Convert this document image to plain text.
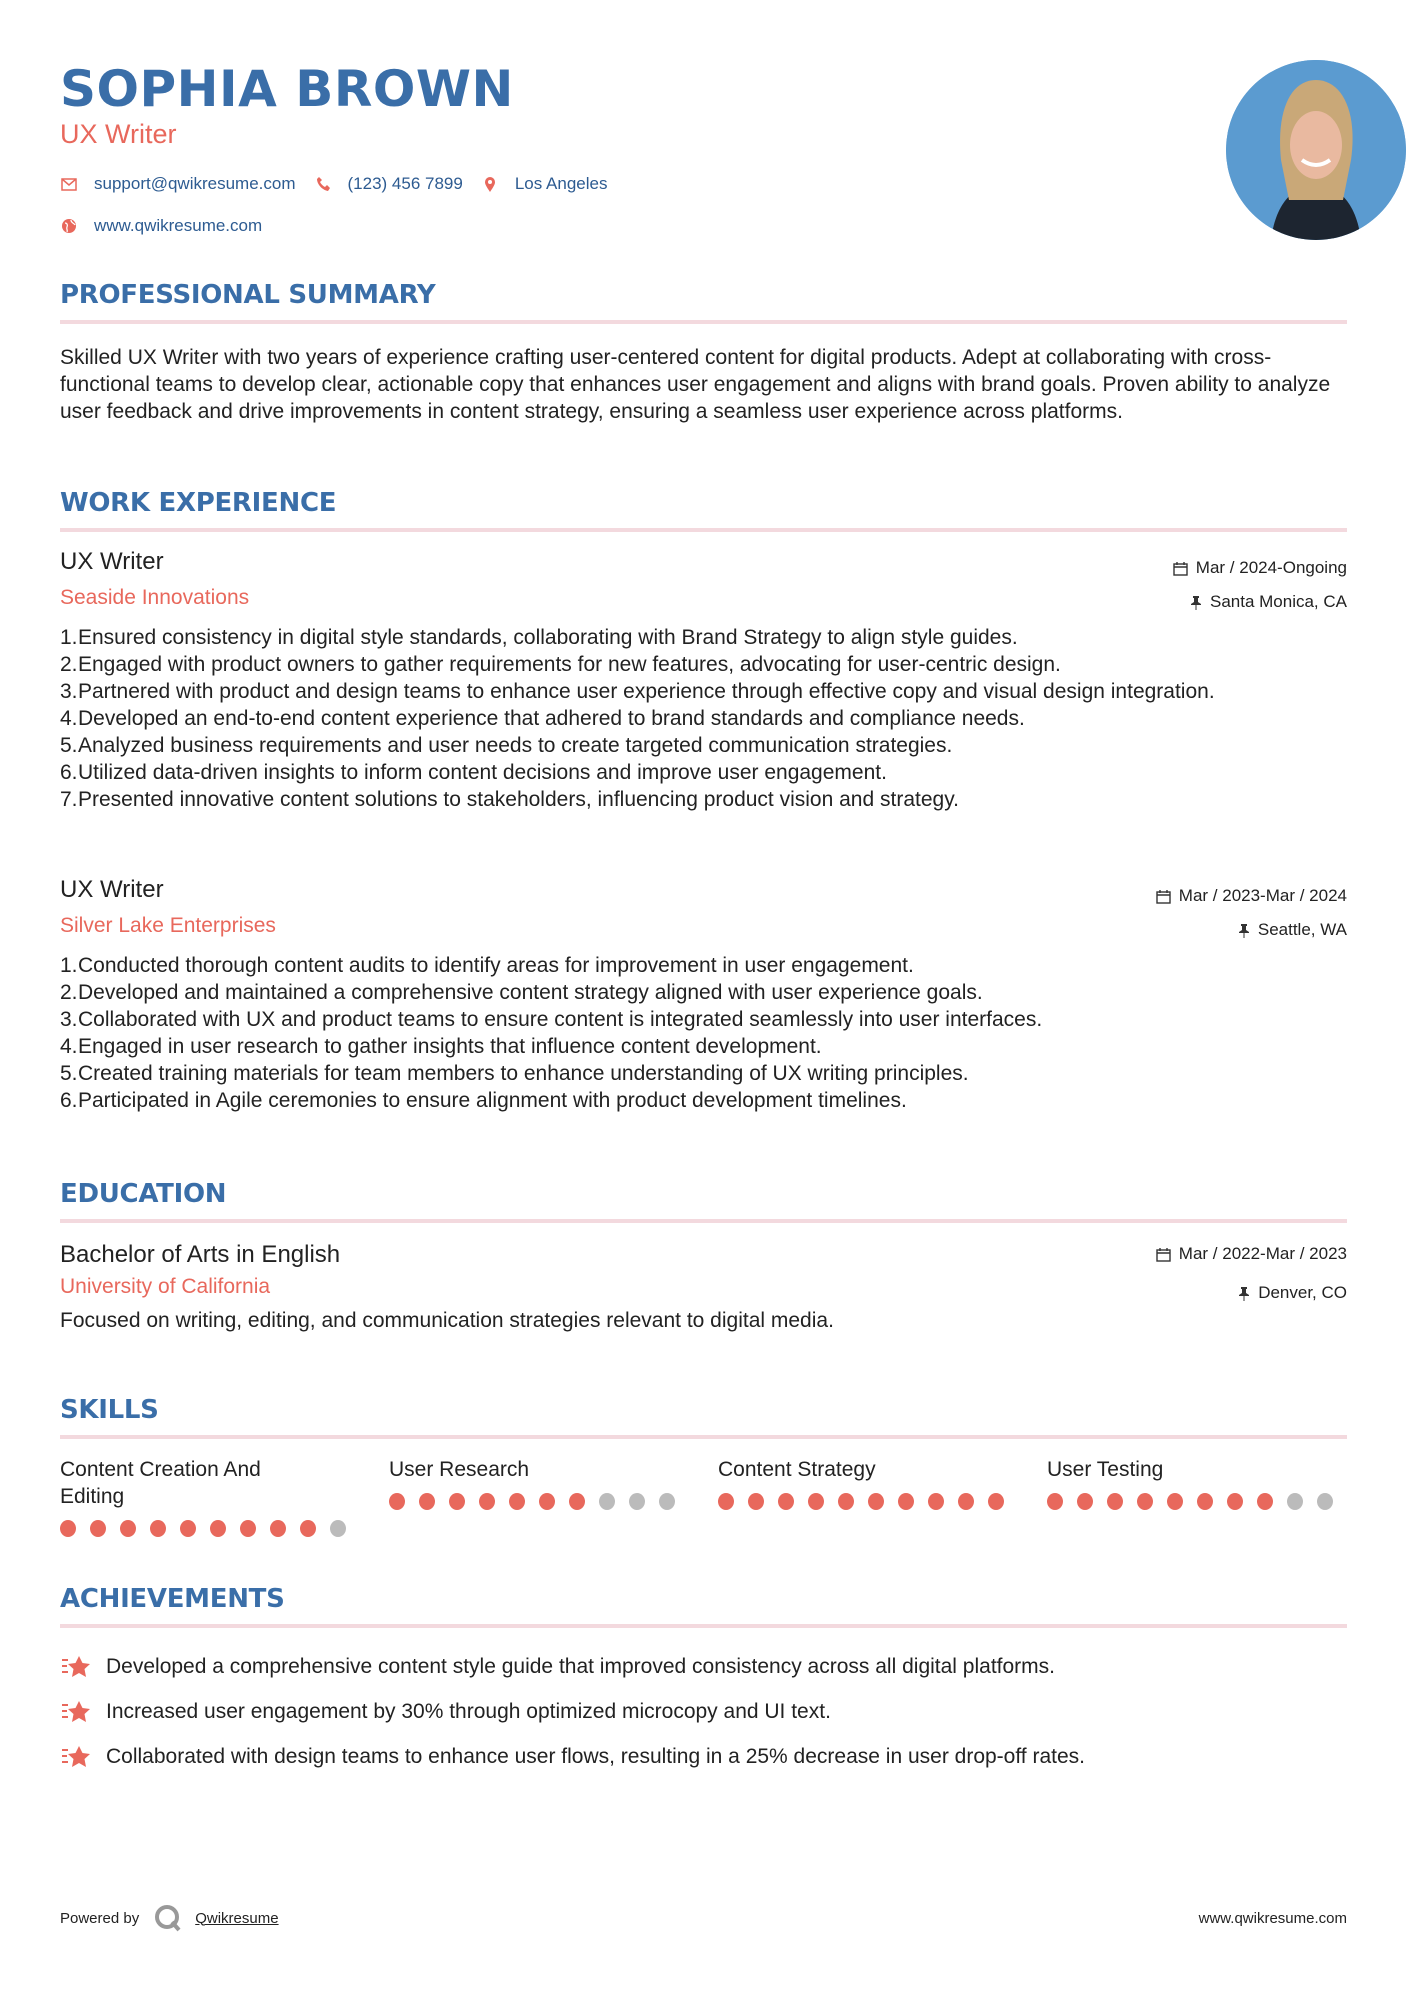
SOPHIA BROWN
UX Writer
support@qwikresume.com	(123) 456 7899	Los Angeles
www.qwikresume.com
PROFESSIONAL SUMMARY

Skilled UX Writer with two years of experience crafting user-centered content for digital products. Adept at collaborating with cross-functional teams to develop clear, actionable copy that enhances user engagement and aligns with brand goals. Proven ability to analyze user feedback and drive improvements in content strategy, ensuring a seamless user experience across platforms.

WORK EXPERIENCE
Mar / 2024-Ongoing
Santa Monica, CA
UX Writer
Seaside Innovations
1. Ensured consistency in digital style standards, collaborating with Brand Strategy to align style guides.
2. Engaged with product owners to gather requirements for new features, advocating for user-centric design.
3. Partnered with product and design teams to enhance user experience through effective copy and visual design integration.
4. Developed an end-to-end content experience that adhered to brand standards and compliance needs.
5. Analyzed business requirements and user needs to create targeted communication strategies.
6. Utilized data-driven insights to inform content decisions and improve user engagement.
7. Presented innovative content solutions to stakeholders, influencing product vision and strategy.
Mar / 2023-Mar / 2024
Seattle, WA
UX Writer
Silver Lake Enterprises
1. Conducted thorough content audits to identify areas for improvement in user engagement.
2. Developed and maintained a comprehensive content strategy aligned with user experience goals.
3. Collaborated with UX and product teams to ensure content is integrated seamlessly into user interfaces.
4. Engaged in user research to gather insights that influence content development.
5. Created training materials for team members to enhance understanding of UX writing principles.
6. Participated in Agile ceremonies to ensure alignment with product development timelines.
EDUCATION
Mar / 2022-Mar / 2023
Denver, CO
Bachelor of Arts in English
University of California

Focused on writing, editing, and communication strategies relevant to digital media.

SKILLS
Content Creation And Editing
User Research	Content Strategy	User Testing
ACHIEVEMENTS
Developed a comprehensive content style guide that improved consistency across all digital platforms.
Increased user engagement by 30% through optimized microcopy and UI text.
Collaborated with design teams to enhance user flows, resulting in a 25% decrease in user drop-off rates.
Powered by	Qwikresume	www.qwikresume.com
